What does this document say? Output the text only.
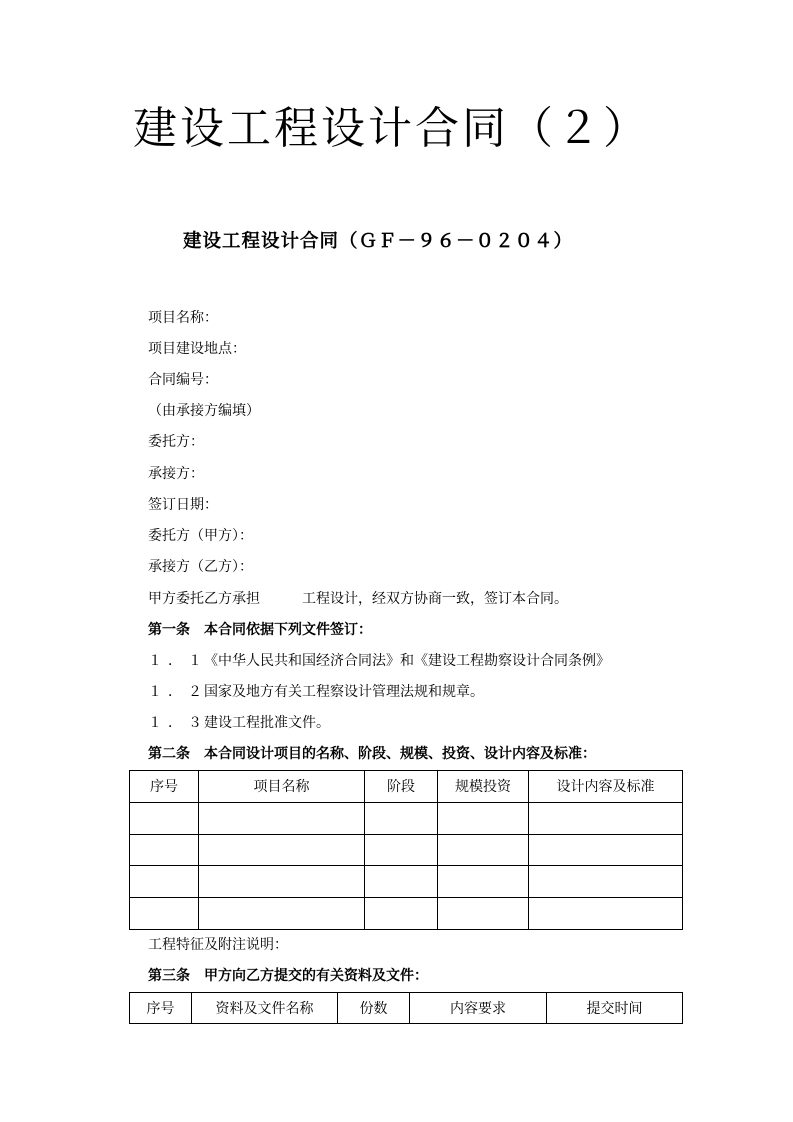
建设工程设计合同（２）
建设工程设计合同（ＧＦ－９６－０２０４）
项目名称：
项目建设地点：
合同编号：
（由承接方编填）
委托方：
承接方：
签订日期：
委托方（甲方）：
承接方（乙方）：
甲方委托乙方承担	工程设计，经双方协商一致，签订本合同。
第一条　本合同依据下列文件签订：
１．１《中华人民共和国经济合同法》和《建设工程勘察设计合同条例》
１．２国家及地方有关工程察设计管理法规和规章。
１．３建设工程批准文件。
第二条　本合同设计项目的名称、阶段、规模、投资、设计内容及标准：
序号	项目名称	阶段	规模投资	设计内容及标准

工程特征及附注说明：
第三条　甲方向乙方提交的有关资料及文件：
序号	资料及文件名称	份数	内容要求	提交时间
